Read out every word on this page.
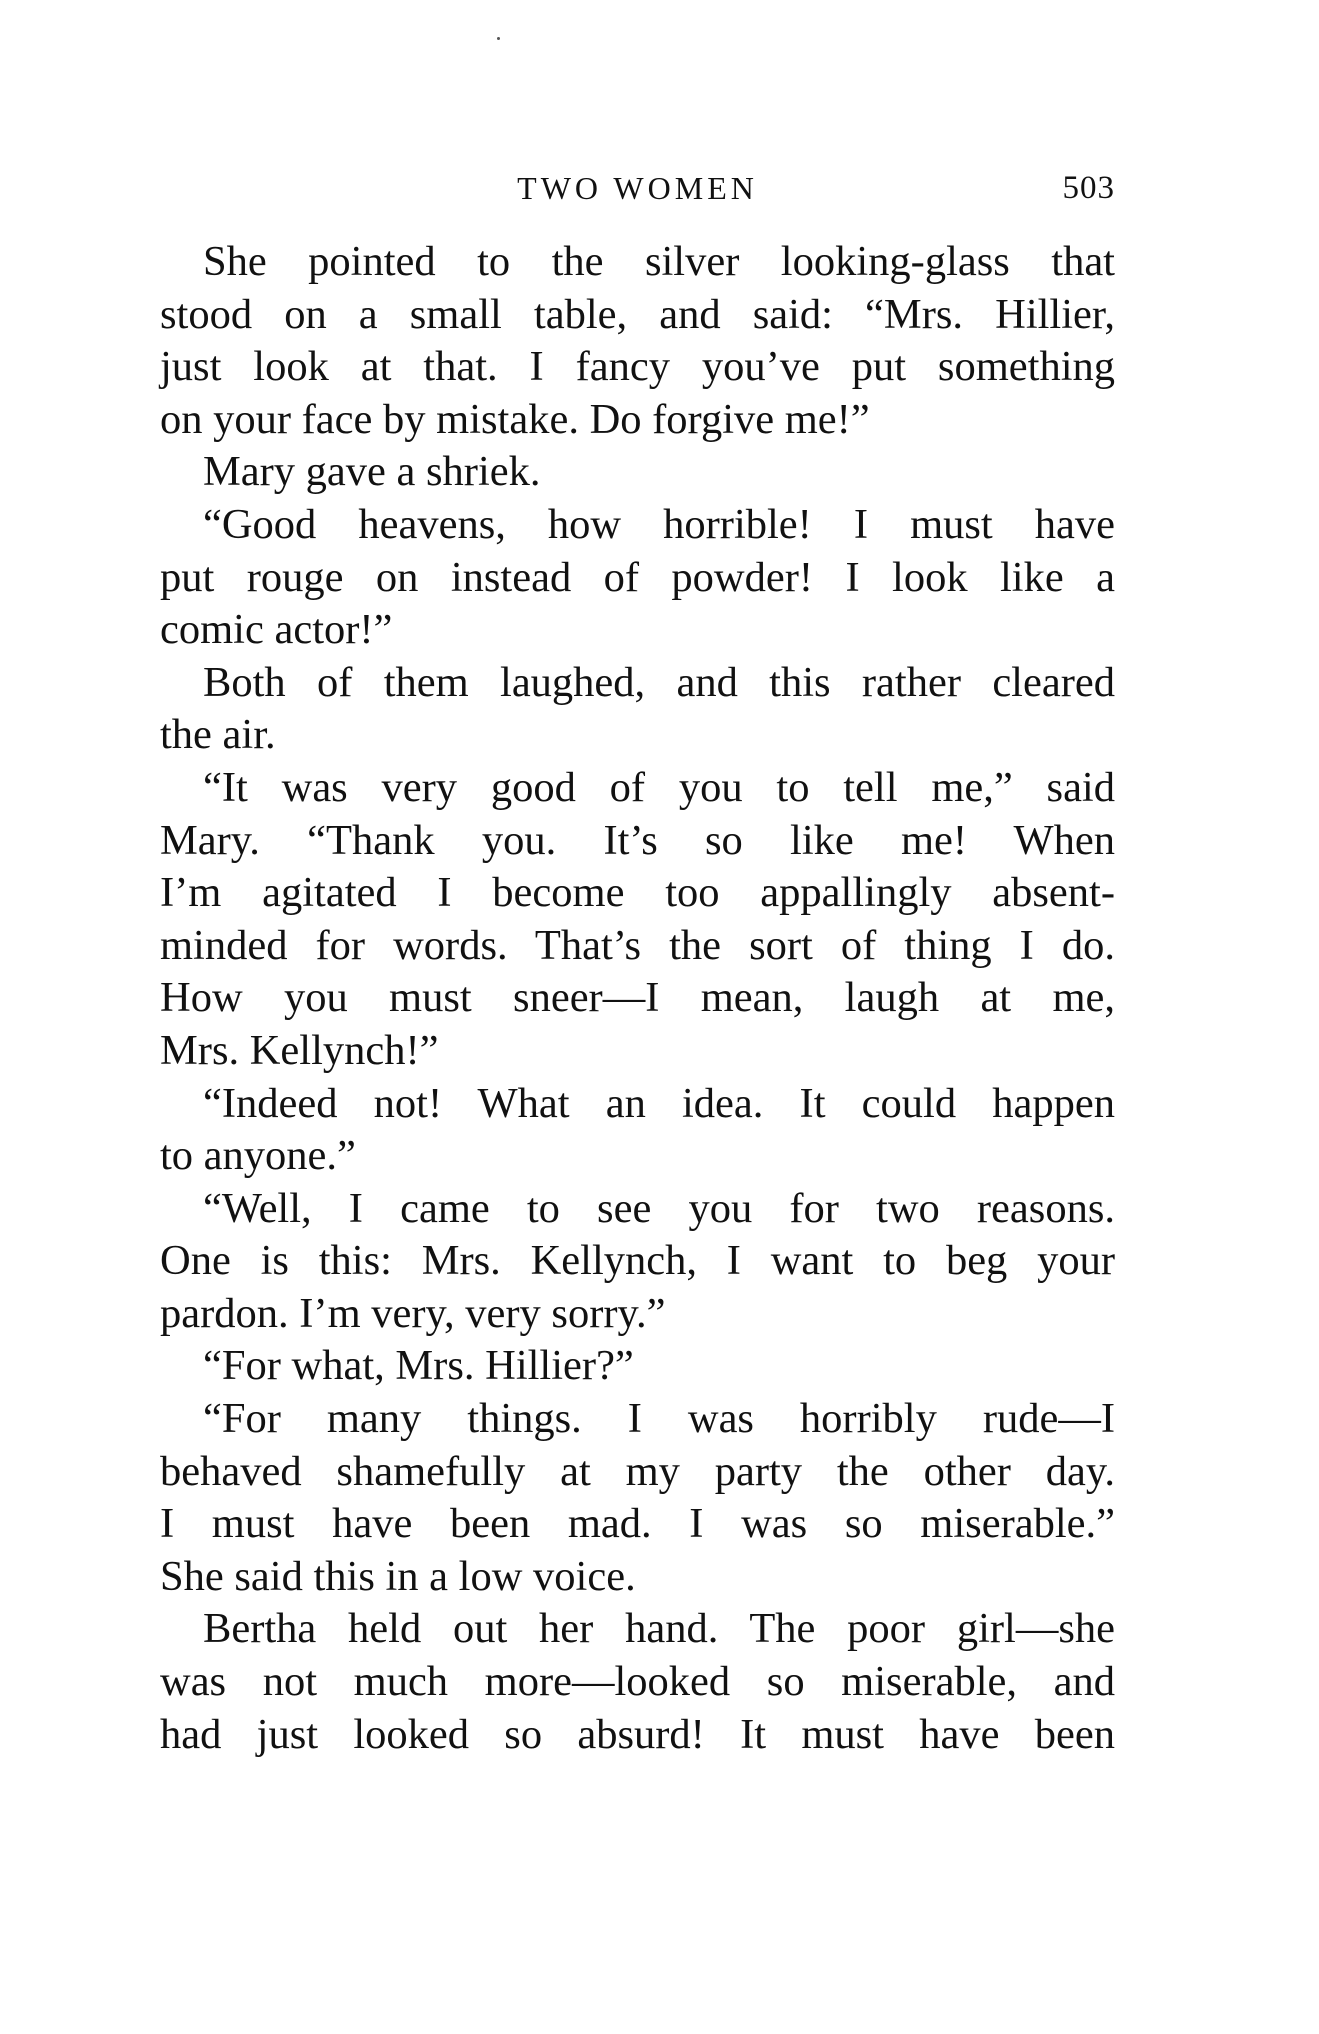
TWO WOMEN	503
She pointed to the silver looking-glass that
stood on a small table, and said: “Mrs. Hillier,
just look at that. I fancy you’ve put something
on your face by mistake. Do forgive me!”
Mary gave a shriek.
“Good heavens, how horrible! I must have
put rouge on instead of powder! I look like a
comic actor!”
Both of them laughed, and this rather cleared
the air.
“It was very good of you to tell me,” said
Mary. “Thank you. It’s so like me! When
I’m agitated I become too appallingly absent-
minded for words. That’s the sort of thing I do.
How you must sneer—I mean, laugh at me,
Mrs. Kellynch!”
“Indeed not! What an idea. It could happen
to anyone.”
“Well, I came to see you for two reasons.
One is this: Mrs. Kellynch, I want to beg your
pardon. I’m very, very sorry.”
“For what, Mrs. Hillier?”
“For many things. I was horribly rude—I
behaved shamefully at my party the other day.
I must have been mad. I was so miserable.”
She said this in a low voice.
Bertha held out her hand. The poor girl—she
was not much more—looked so miserable, and
had just looked so absurd! It must have been
